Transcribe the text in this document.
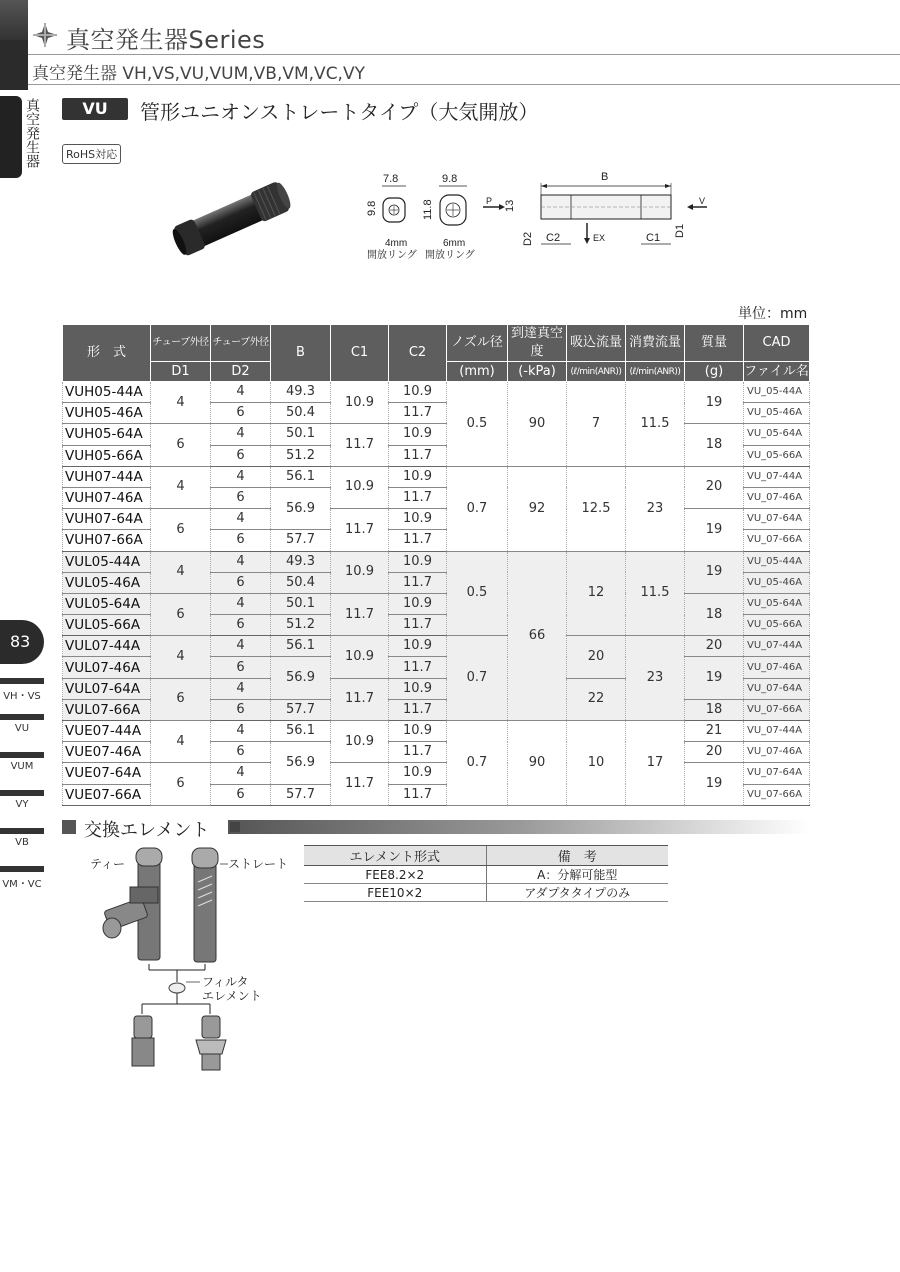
真空発生器Series
真空発生器 VH,VS,VU,VUM,VB,VM,VC,VY
真空発生器
83
VH・VS
VU
VUM
VY
VB
VM・VC
VU	管形ユニオンストレートタイプ（大気開放）
RoHS対応
7.8
9.8
4mm
開放リング
9.8
11.8
6mm
開放リング
B
P 13	V
EX
D2 C2	C1 D1
単位：mm
形　式	チューブ外径	チューブ外径	B	C1	C2	ノズル径	到達真空度	吸込流量	消費流量	質量	CAD
	D1	D2				(mm)	(-kPa)	(ℓ/min(ANR))	(ℓ/min(ANR))	(g)	ファイル名
VUH05-44A	4	4	49.3	10.9	10.9	0.5	90	7	11.5	19	VU_05-44A
VUH05-46A		6	50.4		11.7						VU_05-46A
VUH05-64A	6	4	50.1	11.7	10.9					18	VU_05-64A
VUH05-66A		6	51.2		11.7						VU_05-66A
VUH07-44A	4	4	56.1	10.9	10.9	0.7	92	12.5	23	20	VU_07-44A
VUH07-46A		6	56.9		11.7						VU_07-46A
VUH07-64A	6	4		11.7	10.9					19	VU_07-64A
VUH07-66A		6	57.7		11.7						VU_07-66A
VUL05-44A	4	4	49.3	10.9	10.9	0.5	66	12	11.5	19	VU_05-44A
VUL05-46A		6	50.4		11.7						VU_05-46A
VUL05-64A	6	4	50.1	11.7	10.9					18	VU_05-64A
VUL05-66A		6	51.2		11.7						VU_05-66A
VUL07-44A	4	4	56.1	10.9	10.9	0.7		20	23	20	VU_07-44A
VUL07-46A		6	56.9		11.7					19	VU_07-46A
VUL07-64A	6	4		11.7	10.9			22			VU_07-64A
VUL07-66A		6	57.7		11.7					18	VU_07-66A
VUE07-44A	4	4	56.1	10.9	10.9	0.7	90	10	17	21	VU_07-44A
VUE07-46A		6	56.9		11.7					20	VU_07-46A
VUE07-64A	6	4		11.7	10.9					19	VU_07-64A
VUE07-66A		6	57.7		11.7						VU_07-66A
交換エレメント
ティー	ストレート
フィルタ
エレメント
エレメント形式	備　考
FEE8.2×2	A：分解可能型
FEE10×2	アダプタタイプのみ
